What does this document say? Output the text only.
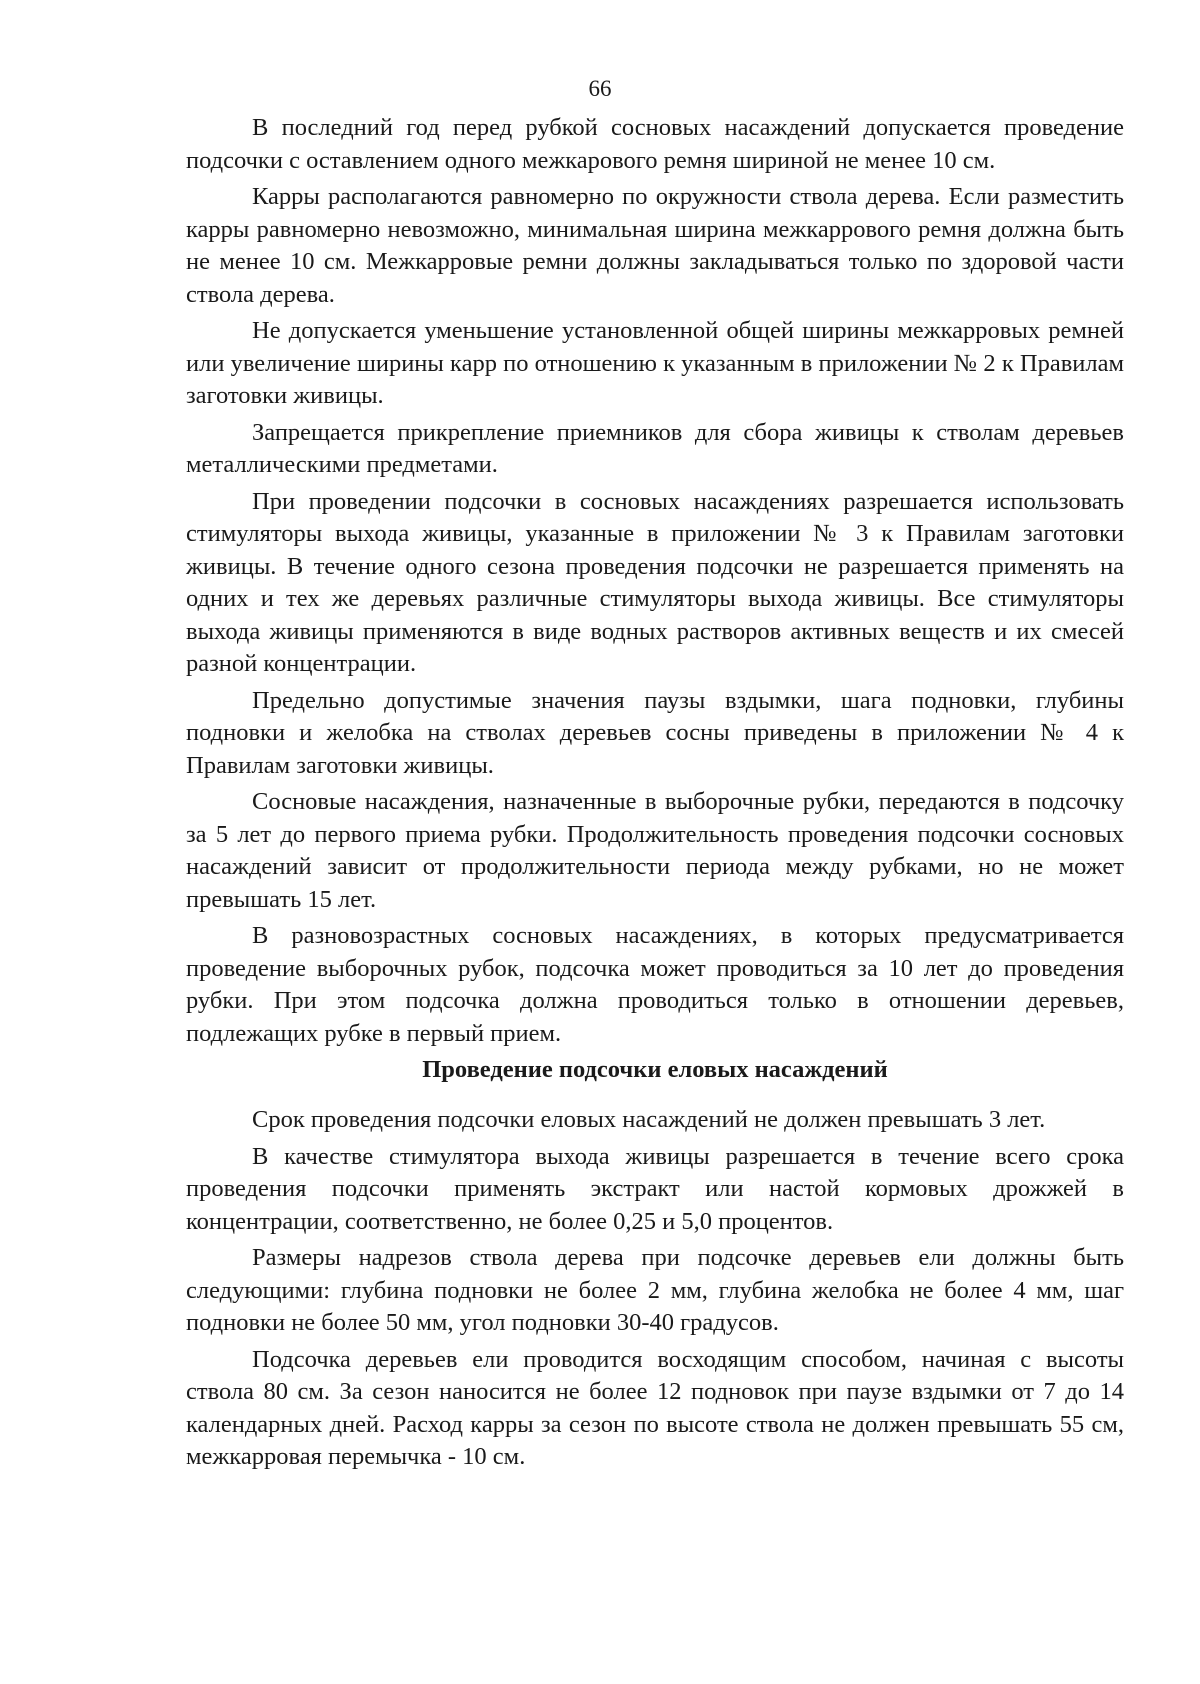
66

В последний год перед рубкой сосновых насаждений допускается проведение подсочки с оставлением одного межкарового ремня шириной не менее 10 см.

Карры располагаются равномерно по окружности ствола дерева. Если разместить карры равномерно невозможно, минимальная ширина межкаррового ремня должна быть не менее 10 см. Межкарровые ремни должны закладываться только по здоровой части ствола дерева.

Не допускается уменьшение установленной общей ширины межкарровых ремней или увеличение ширины карр по отношению к указанным в приложении № 2 к Правилам заготовки живицы.

Запрещается прикрепление приемников для сбора живицы к стволам деревьев металлическими предметами.

При проведении подсочки в сосновых насаждениях разрешается использовать стимуляторы выхода живицы, указанные в приложении № 3 к Правилам заготовки живицы. В течение одного сезона проведения подсочки не разрешается применять на одних и тех же деревьях различные стимуляторы выхода живицы. Все стимуляторы выхода живицы применяются в виде водных растворов активных веществ и их смесей разной концентрации.

Предельно допустимые значения паузы вздымки, шага подновки, глубины подновки и желобка на стволах деревьев сосны приведены в приложении № 4 к Правилам заготовки живицы.

Сосновые насаждения, назначенные в выборочные рубки, передаются в подсочку за 5 лет до первого приема рубки. Продолжительность проведения подсочки сосновых насаждений зависит от продолжительности периода между рубками, но не может превышать 15 лет.

В разновозрастных сосновых насаждениях, в которых предусматривается проведение выборочных рубок, подсочка может проводиться за 10 лет до проведения рубки. При этом подсочка должна проводиться только в отношении деревьев, подлежащих рубке в первый прием.

Проведение подсочки еловых насаждений

Срок проведения подсочки еловых насаждений не должен превышать 3 лет.

В качестве стимулятора выхода живицы разрешается в течение всего срока проведения подсочки применять экстракт или настой кормовых дрожжей в концентрации, соответственно, не более 0,25 и 5,0 процентов.

Размеры надрезов ствола дерева при подсочке деревьев ели должны быть следующими: глубина подновки не более 2 мм, глубина желобка не более 4 мм, шаг подновки не более 50 мм, угол подновки 30-40 градусов.

Подсочка деревьев ели проводится восходящим способом, начиная с высоты ствола 80 см. За сезон наносится не более 12 подновок при паузе вздымки от 7 до 14 календарных дней. Расход карры за сезон по высоте ствола не должен превышать 55 см, межкарровая перемычка - 10 см.
